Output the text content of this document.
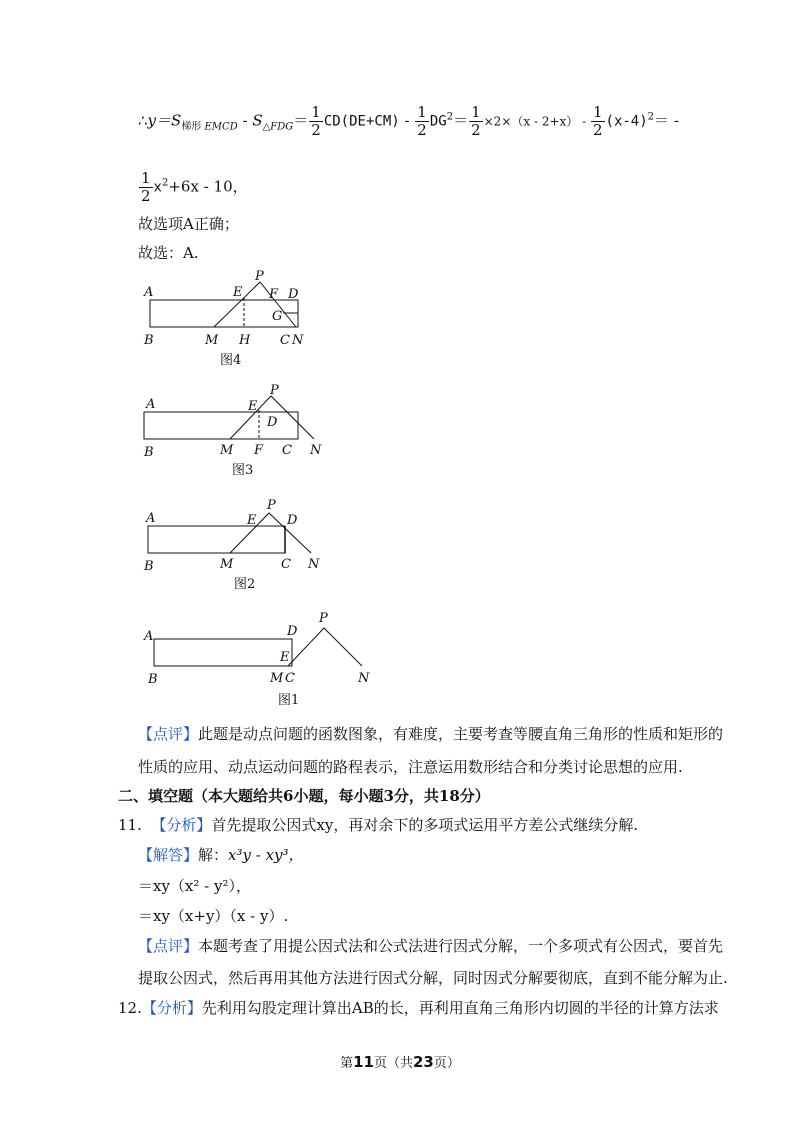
$\therefore y=S_{梯形 EMCD} - S_{\triangle FDG}= \frac{1}{2} CD(DE+CM) - \frac{1}{2} DG^2= \frac{1}{2} \times 2\times(x - 2+x) - \frac{1}{2} (x-4)^2=$ -
$\frac{1}{2} x^2+6x - 10$，
故选项A正确；
故选：A.
A	E
P
F D
G
B	M H C N
图4
A	E
P
D
B	M F C N
图3
A	E
P
D
B	M	C N
图2
A	D
P
E
B	M C	N
图1
【点评】此题是动点问题的函数图象，有难度，主要考查等腰直角三角形的性质和矩形的
性质的应用、动点运动问题的路程表示，注意运用数形结合和分类讨论思想的应用.
二、填空题（本大题给共6小题，每小题3分，共18分）
11. 【分析】首先提取公因式xy，再对余下的多项式运用平方差公式继续分解.
【解答】解：x³y - xy³，
＝xy（x² - y²），
＝xy（x+y）（x - y）.
【点评】本题考查了用提公因式法和公式法进行因式分解，一个多项式有公因式，要首先
提取公因式，然后再用其他方法进行因式分解，同时因式分解要彻底，直到不能分解为止.
12.【分析】先利用勾股定理计算出AB的长，再利用直角三角形内切圆的半径的计算方法求
第11页（共23页）
